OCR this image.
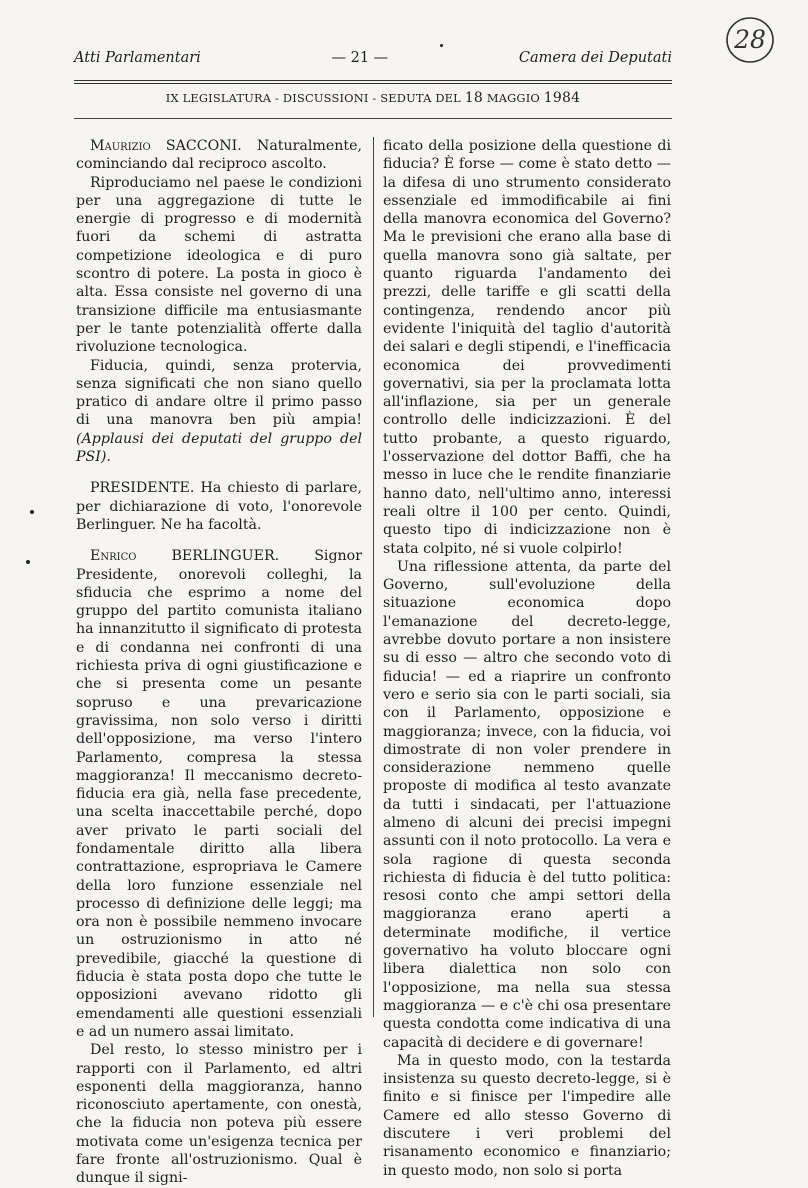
28
Atti Parlamentari	— 21 —	Camera dei Deputati
IX LEGISLATURA - DISCUSSIONI - SEDUTA DEL 18 MAGGIO 1984

Maurizio SACCONI. Naturalmente, cominciando dal reciproco ascolto.

Riproduciamo nel paese le condizioni per una aggregazione di tutte le energie di progresso e di modernità fuori da schemi di astratta competizione ideologica e di puro scontro di potere. La posta in gioco è alta. Essa consiste nel governo di una transizione difficile ma entusiasmante per le tante potenzialità offerte dalla rivoluzione tecnologica.

Fiducia, quindi, senza protervia, senza significati che non siano quello pratico di andare oltre il primo passo di una manovra ben più ampia! (Applausi dei deputati del gruppo del PSI).

PRESIDENTE. Ha chiesto di parlare, per dichiarazione di voto, l'onorevole Berlinguer. Ne ha facoltà.

Enrico BERLINGUER. Signor Presidente, onorevoli colleghi, la sfiducia che esprimo a nome del gruppo del partito comunista italiano ha innanzitutto il significato di protesta e di condanna nei confronti di una richiesta priva di ogni giustificazione e che si presenta come un pesante sopruso e una prevaricazione gravissima, non solo verso i diritti dell'opposizione, ma verso l'intero Parlamento, compresa la stessa maggioranza! Il meccanismo decreto-fiducia era già, nella fase precedente, una scelta inaccettabile perché, dopo aver privato le parti sociali del fondamentale diritto alla libera contrattazione, espropriava le Camere della loro funzione essenziale nel processo di definizione delle leggi; ma ora non è possibile nemmeno invocare un ostruzionismo in atto né prevedibile, giacché la questione di fiducia è stata posta dopo che tutte le opposizioni avevano ridotto gli emendamenti alle questioni essenziali e ad un numero assai limitato.

Del resto, lo stesso ministro per i rapporti con il Parlamento, ed altri esponenti della maggioranza, hanno riconosciuto apertamente, con onestà, che la fiducia non poteva più essere motivata come un'esigenza tecnica per fare fronte all'ostruzionismo. Qual è dunque il signi-

ficato della posizione della questione di fiducia? È forse — come è stato detto — la difesa di uno strumento considerato essenziale ed immodificabile ai fini della manovra economica del Governo? Ma le previsioni che erano alla base di quella manovra sono già saltate, per quanto riguarda l'andamento dei prezzi, delle tariffe e gli scatti della contingenza, rendendo ancor più evidente l'iniquità del taglio d'autorità dei salari e degli stipendi, e l'inefficacia economica dei provvedimenti governativi, sia per la proclamata lotta all'inflazione, sia per un generale controllo delle indicizzazioni. È del tutto probante, a questo riguardo, l'osservazione del dottor Baffi, che ha messo in luce che le rendite finanziarie hanno dato, nell'ultimo anno, interessi reali oltre il 100 per cento. Quindi, questo tipo di indicizzazione non è stata colpito, né si vuole colpirlo!

Una riflessione attenta, da parte del Governo, sull'evoluzione della situazione economica dopo l'emanazione del decreto-legge, avrebbe dovuto portare a non insistere su di esso — altro che secondo voto di fiducia! — ed a riaprire un confronto vero e serio sia con le parti sociali, sia con il Parlamento, opposizione e maggioranza; invece, con la fiducia, voi dimostrate di non voler prendere in considerazione nemmeno quelle proposte di modifica al testo avanzate da tutti i sindacati, per l'attuazione almeno di alcuni dei precisi impegni assunti con il noto protocollo. La vera e sola ragione di questa seconda richiesta di fiducia è del tutto politica: resosi conto che ampi settori della maggioranza erano aperti a determinate modifiche, il vertice governativo ha voluto bloccare ogni libera dialettica non solo con l'opposizione, ma nella sua stessa maggioranza — e c'è chi osa presentare questa condotta come indicativa di una capacità di decidere e di governare!

Ma in questo modo, con la testarda insistenza su questo decreto-legge, si è finito e si finisce per l'impedire alle Camere ed allo stesso Governo di discutere i veri problemi del risanamento economico e finanziario; in questo modo, non solo si porta
